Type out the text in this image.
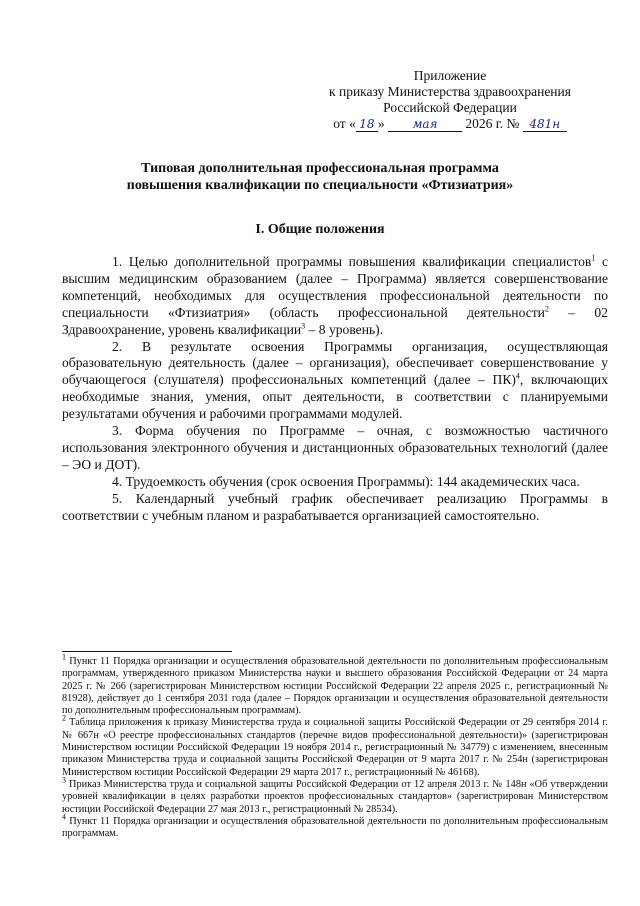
Приложение
к приказу Министерства здравоохранения
Российской Федерации
от « 18 » мая 2026 г. № 481н
Типовая дополнительная профессиональная программа
повышения квалификации по специальности «Фтизиатрия»
I. Общие положения

1. Целью дополнительной программы повышения квалификации специалистов$^1$ с высшим медицинским образованием (далее – Программа) является совершенствование компетенций, необходимых для осуществления профессиональной деятельности по специальности «Фтизиатрия» (область профессиональной деятельности$^2$ – 02 Здравоохранение, уровень квалификации$^3$ – 8 уровень).

2. В результате освоения Программы организация, осуществляющая образовательную деятельность (далее – организация), обеспечивает совершенствование у обучающегося (слушателя) профессиональных компетенций (далее – ПК)$^4$, включающих необходимые знания, умения, опыт деятельности, в соответствии с планируемыми результатами обучения и рабочими программами модулей.

3. Форма обучения по Программе – очная, с возможностью частичного использования электронного обучения и дистанционных образовательных технологий (далее – ЭО и ДОТ).

4. Трудоемкость обучения (срок освоения Программы): 144 академических часа.

5. Календарный учебный график обеспечивает реализацию Программы в соответствии с учебным планом и разрабатывается организацией самостоятельно.

$^1$ Пункт 11 Порядка организации и осуществления образовательной деятельности по дополнительным профессиональным программам, утвержденного приказом Министерства науки и высшего образования Российской Федерации от 24 марта 2025 г. № 266 (зарегистрирован Министерством юстиции Российской Федерации 22 апреля 2025 г., регистрационный № 81928), действует до 1 сентября 2031 года (далее – Порядок организации и осуществления образовательной деятельности по дополнительным профессиональным программам).

$^2$ Таблица приложения к приказу Министерства труда и социальной защиты Российской Федерации от 29 сентября 2014 г. № 667н «О реестре профессиональных стандартов (перечне видов профессиональной деятельности)» (зарегистрирован Министерством юстиции Российской Федерации 19 ноября 2014 г., регистрационный № 34779) с изменением, внесенным приказом Министерства труда и социальной защиты Российской Федерации от 9 марта 2017 г. № 254н (зарегистрирован Министерством юстиции Российской Федерации 29 марта 2017 г., регистрационный № 46168).

$^3$ Приказ Министерства труда и социальной защиты Российской Федерации от 12 апреля 2013 г. № 148н «Об утверждении уровней квалификации в целях разработки проектов профессиональных стандартов» (зарегистрирован Министерством юстиции Российской Федерации 27 мая 2013 г., регистрационный № 28534).

$^4$ Пункт 11 Порядка организации и осуществления образовательной деятельности по дополнительным профессиональным программам.
